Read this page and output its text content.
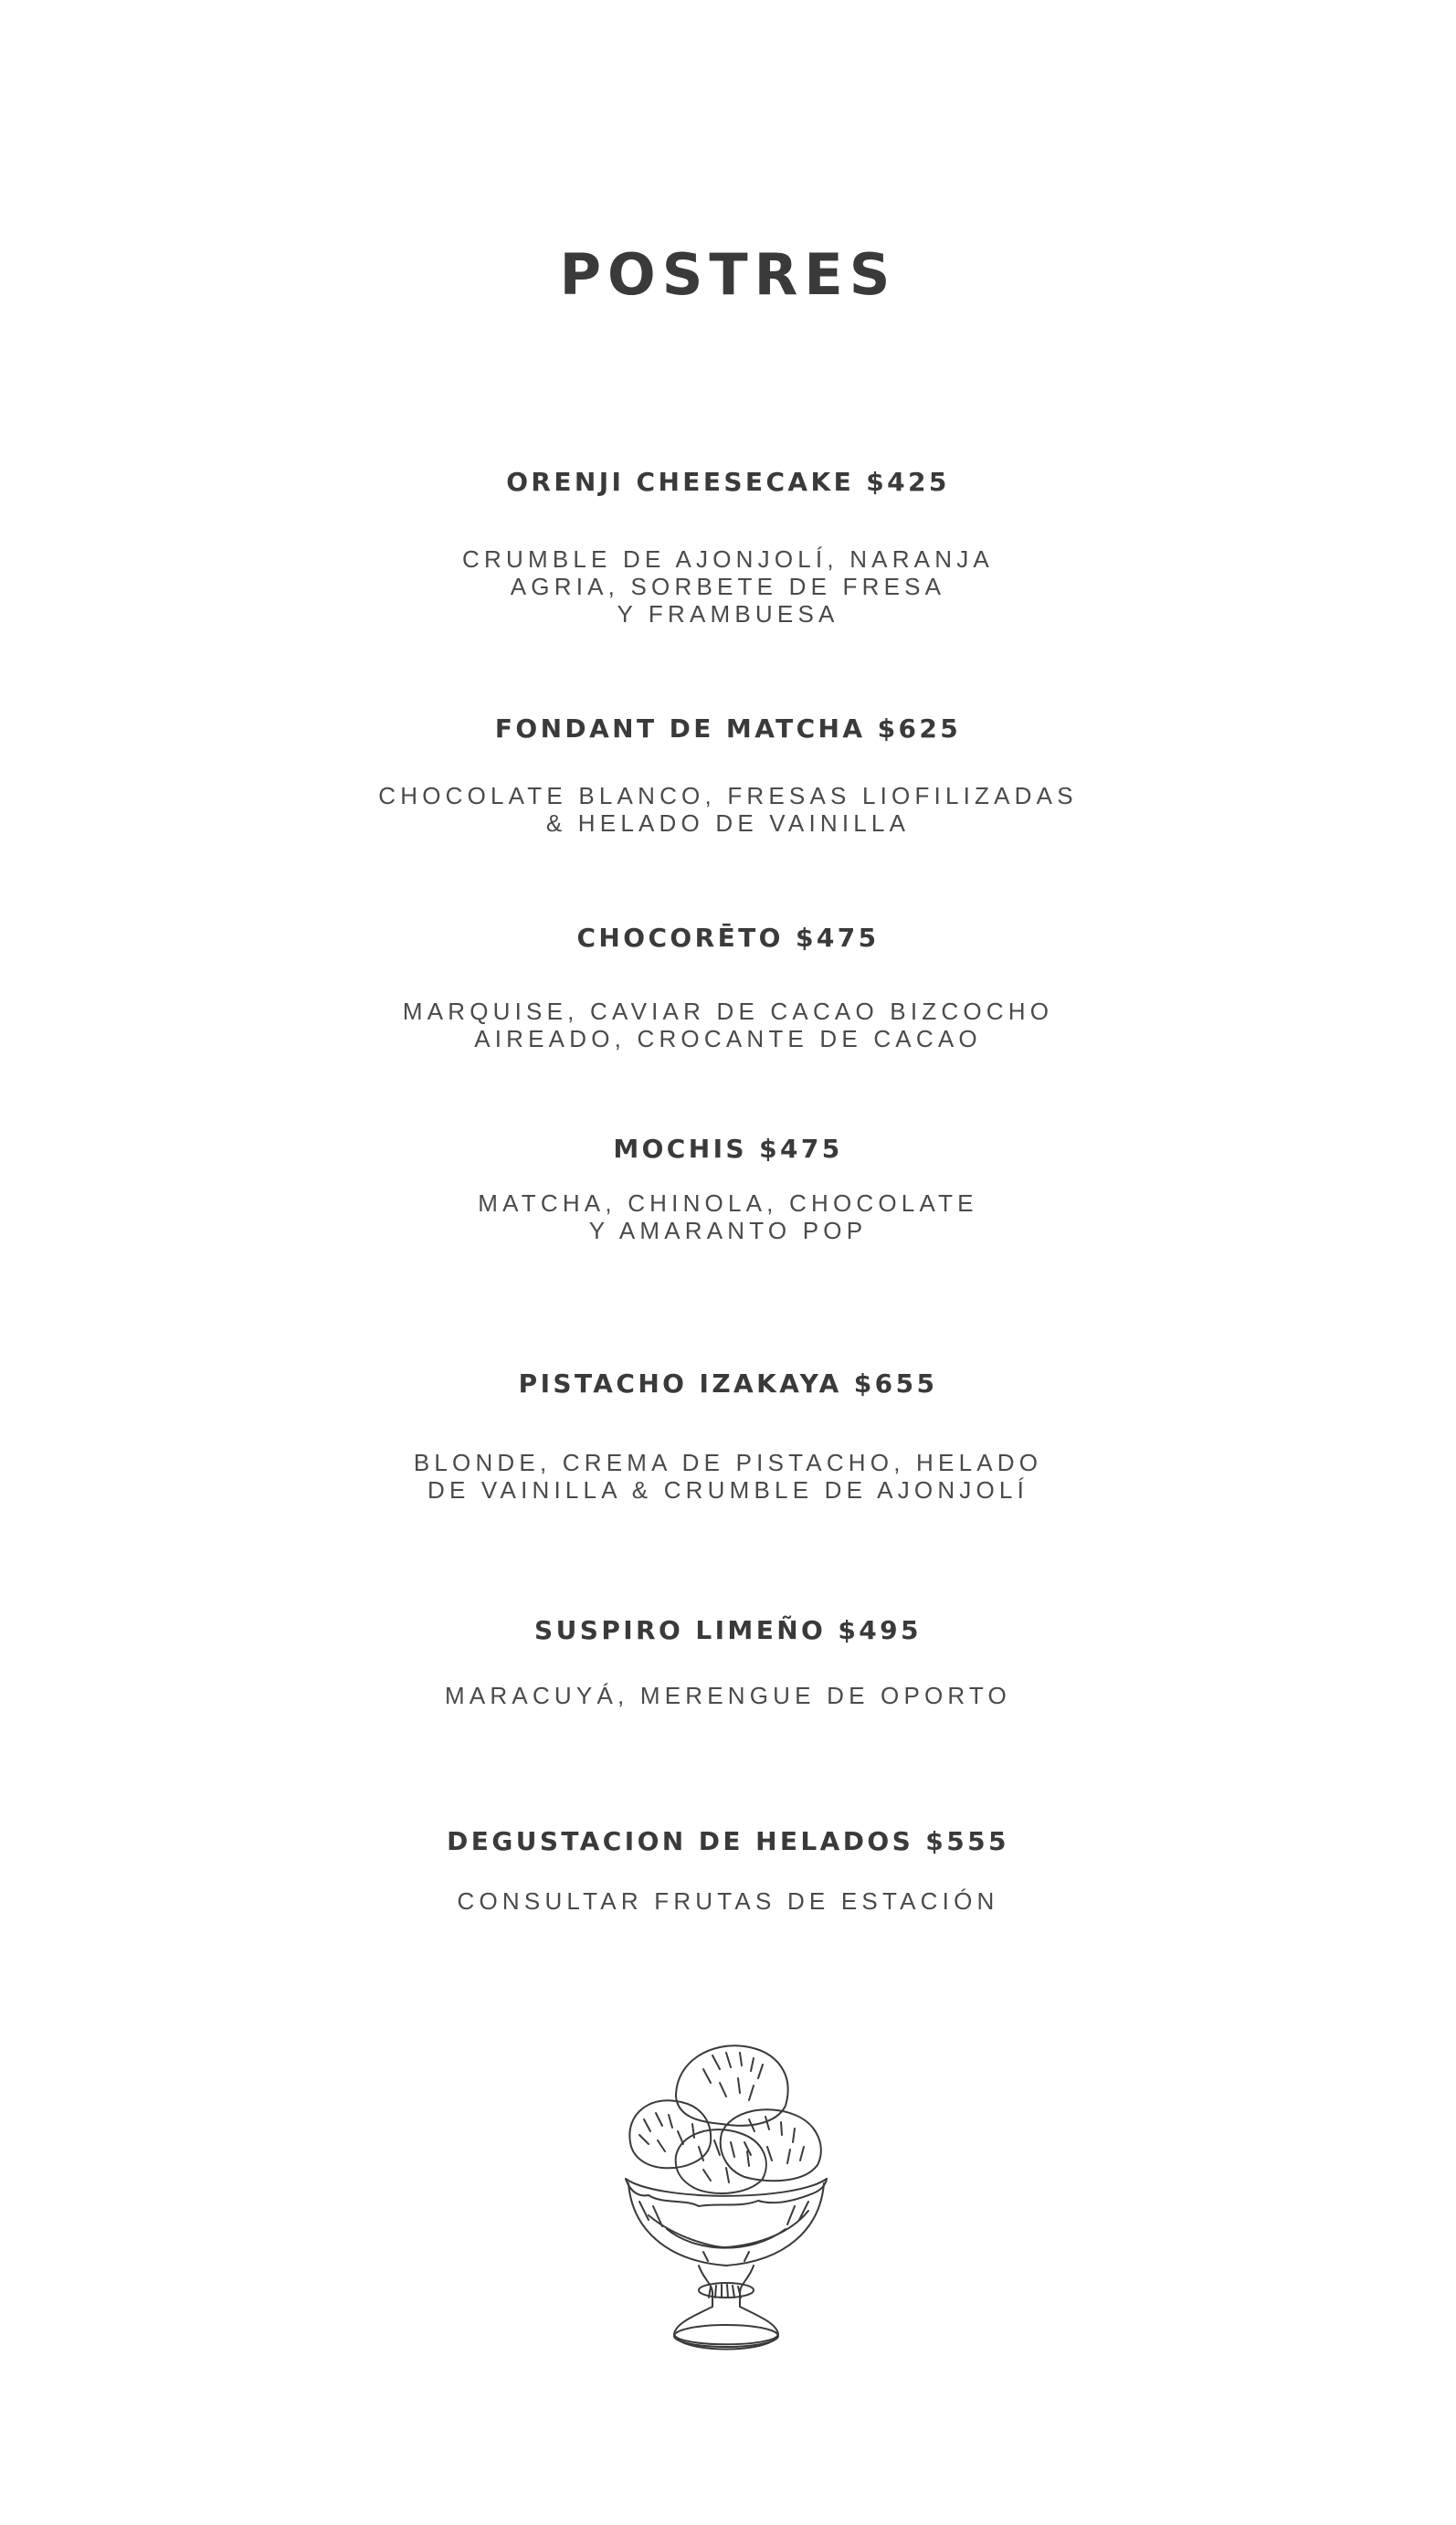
POSTRES
ORENJI CHEESECAKE $425
CRUMBLE DE AJONJOLÍ, NARANJA
AGRIA, SORBETE DE FRESA
Y FRAMBUESA
FONDANT DE MATCHA $625
CHOCOLATE BLANCO, FRESAS LIOFILIZADAS
& HELADO DE VAINILLA
CHOCORĒTO $475
MARQUISE, CAVIAR DE CACAO BIZCOCHO
AIREADO, CROCANTE DE CACAO
MOCHIS $475
MATCHA, CHINOLA, CHOCOLATE
Y AMARANTO POP
PISTACHO IZAKAYA $655
BLONDE, CREMA DE PISTACHO, HELADO
DE VAINILLA & CRUMBLE DE AJONJOLÍ
SUSPIRO LIMEÑO $495
MARACUYÁ, MERENGUE DE OPORTO
DEGUSTACION DE HELADOS $555
CONSULTAR FRUTAS DE ESTACIÓN
